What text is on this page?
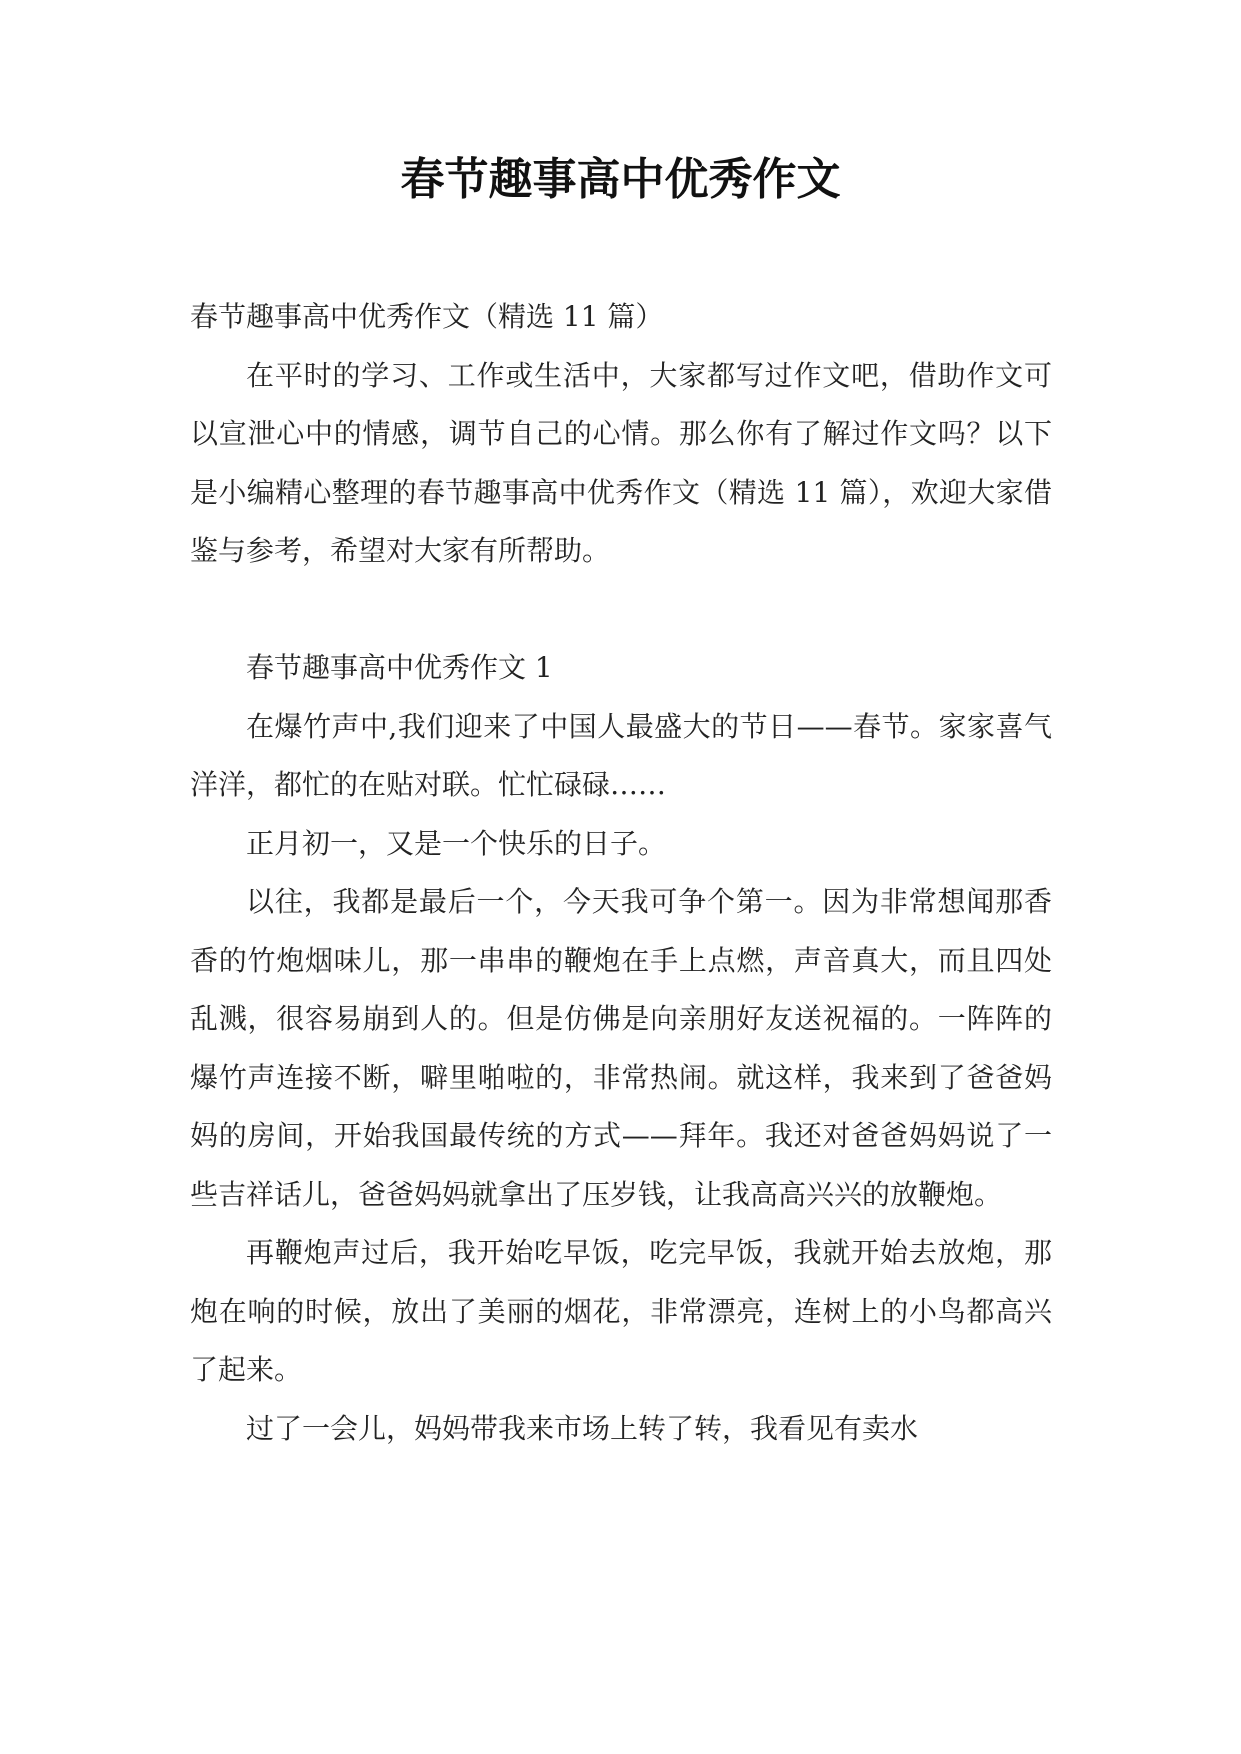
春节趣事高中优秀作文

春节趣事高中优秀作文（精选 11 篇）

在平时的学习、工作或生活中，大家都写过作文吧，借助作文可以宣泄心中的情感，调节自己的心情。那么你有了解过作文吗？以下是小编精心整理的春节趣事高中优秀作文（精选 11 篇），欢迎大家借鉴与参考，希望对大家有所帮助。

春节趣事高中优秀作文 1

在爆竹声中,我们迎来了中国人最盛大的节日——春节。家家喜气洋洋，都忙的在贴对联。忙忙碌碌……

正月初一，又是一个快乐的日子。

以往，我都是最后一个，今天我可争个第一。因为非常想闻那香香的竹炮烟味儿，那一串串的鞭炮在手上点燃，声音真大，而且四处乱溅，很容易崩到人的。但是仿佛是向亲朋好友送祝福的。一阵阵的爆竹声连接不断，噼里啪啦的，非常热闹。就这样，我来到了爸爸妈妈的房间，开始我国最传统的方式——拜年。我还对爸爸妈妈说了一些吉祥话儿，爸爸妈妈就拿出了压岁钱，让我高高兴兴的放鞭炮。

再鞭炮声过后，我开始吃早饭，吃完早饭，我就开始去放炮，那炮在响的时候，放出了美丽的烟花，非常漂亮，连树上的小鸟都高兴了起来。

过了一会儿，妈妈带我来市场上转了转，我看见有卖水
